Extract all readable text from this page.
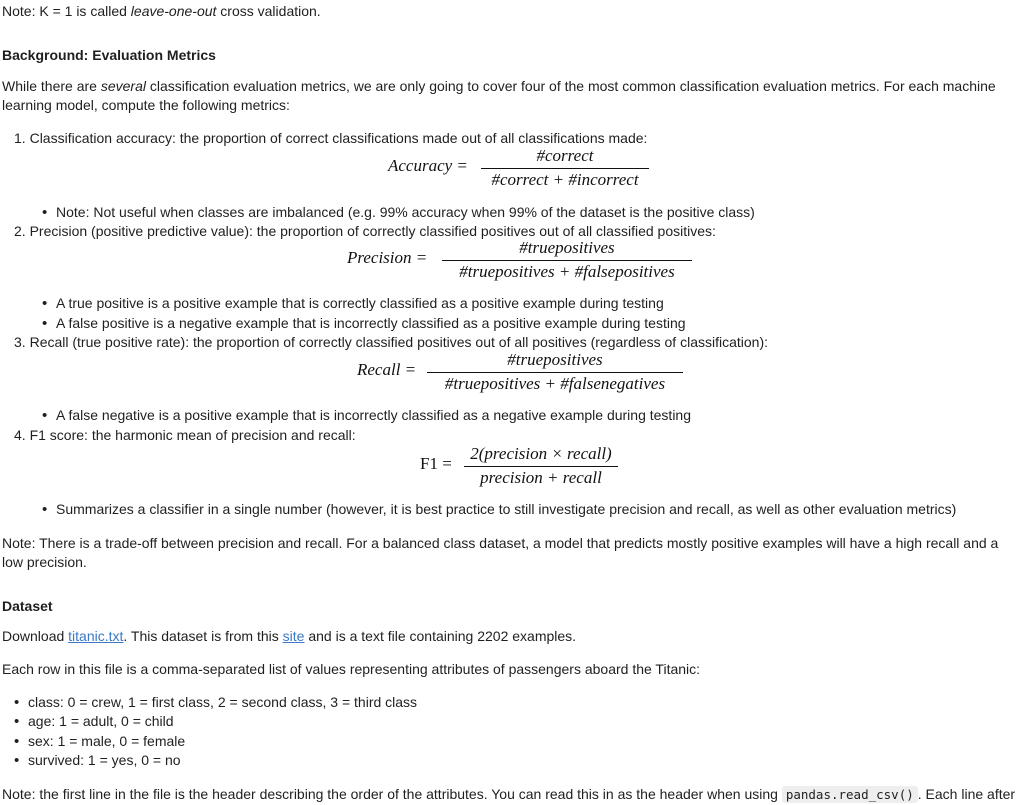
Note: K = 1 is called leave-one-out cross validation.
Background: Evaluation Metrics
While there are several classification evaluation metrics, we are only going to cover four of the most common classification evaluation metrics. For each machine
learning model, compute the following metrics:
1. Classification accuracy: the proportion of correct classifications made out of all classifications made:
Accuracy =
#correct
#correct + #incorrect
• Note: Not useful when classes are imbalanced (e.g. 99% accuracy when 99% of the dataset is the positive class)
2. Precision (positive predictive value): the proportion of correctly classified positives out of all classified positives:
Precision =
#truepositives
#truepositives + #falsepositives
• A true positive is a positive example that is correctly classified as a positive example during testing
• A false positive is a negative example that is incorrectly classified as a positive example during testing
3. Recall (true positive rate): the proportion of correctly classified positives out of all positives (regardless of classification):
Recall =
#truepositives
#truepositives + #falsenegatives
• A false negative is a positive example that is incorrectly classified as a negative example during testing
4. F1 score: the harmonic mean of precision and recall:
F1 =
2(precision × recall)
precision + recall
• Summarizes a classifier in a single number (however, it is best practice to still investigate precision and recall, as well as other evaluation metrics)
Note: There is a trade-off between precision and recall. For a balanced class dataset, a model that predicts mostly positive examples will have a high recall and a
low precision.
Dataset
Download titanic.txt. This dataset is from this site and is a text file containing 2202 examples.
Each row in this file is a comma-separated list of values representing attributes of passengers aboard the Titanic:
• class: 0 = crew, 1 = first class, 2 = second class, 3 = third class
• age: 1 = adult, 0 = child
• sex: 1 = male, 0 = female
• survived: 1 = yes, 0 = no
Note: the first line in the file is the header describing the order of the attributes. You can read this in as the header when using pandas.read_csv() . Each line after
